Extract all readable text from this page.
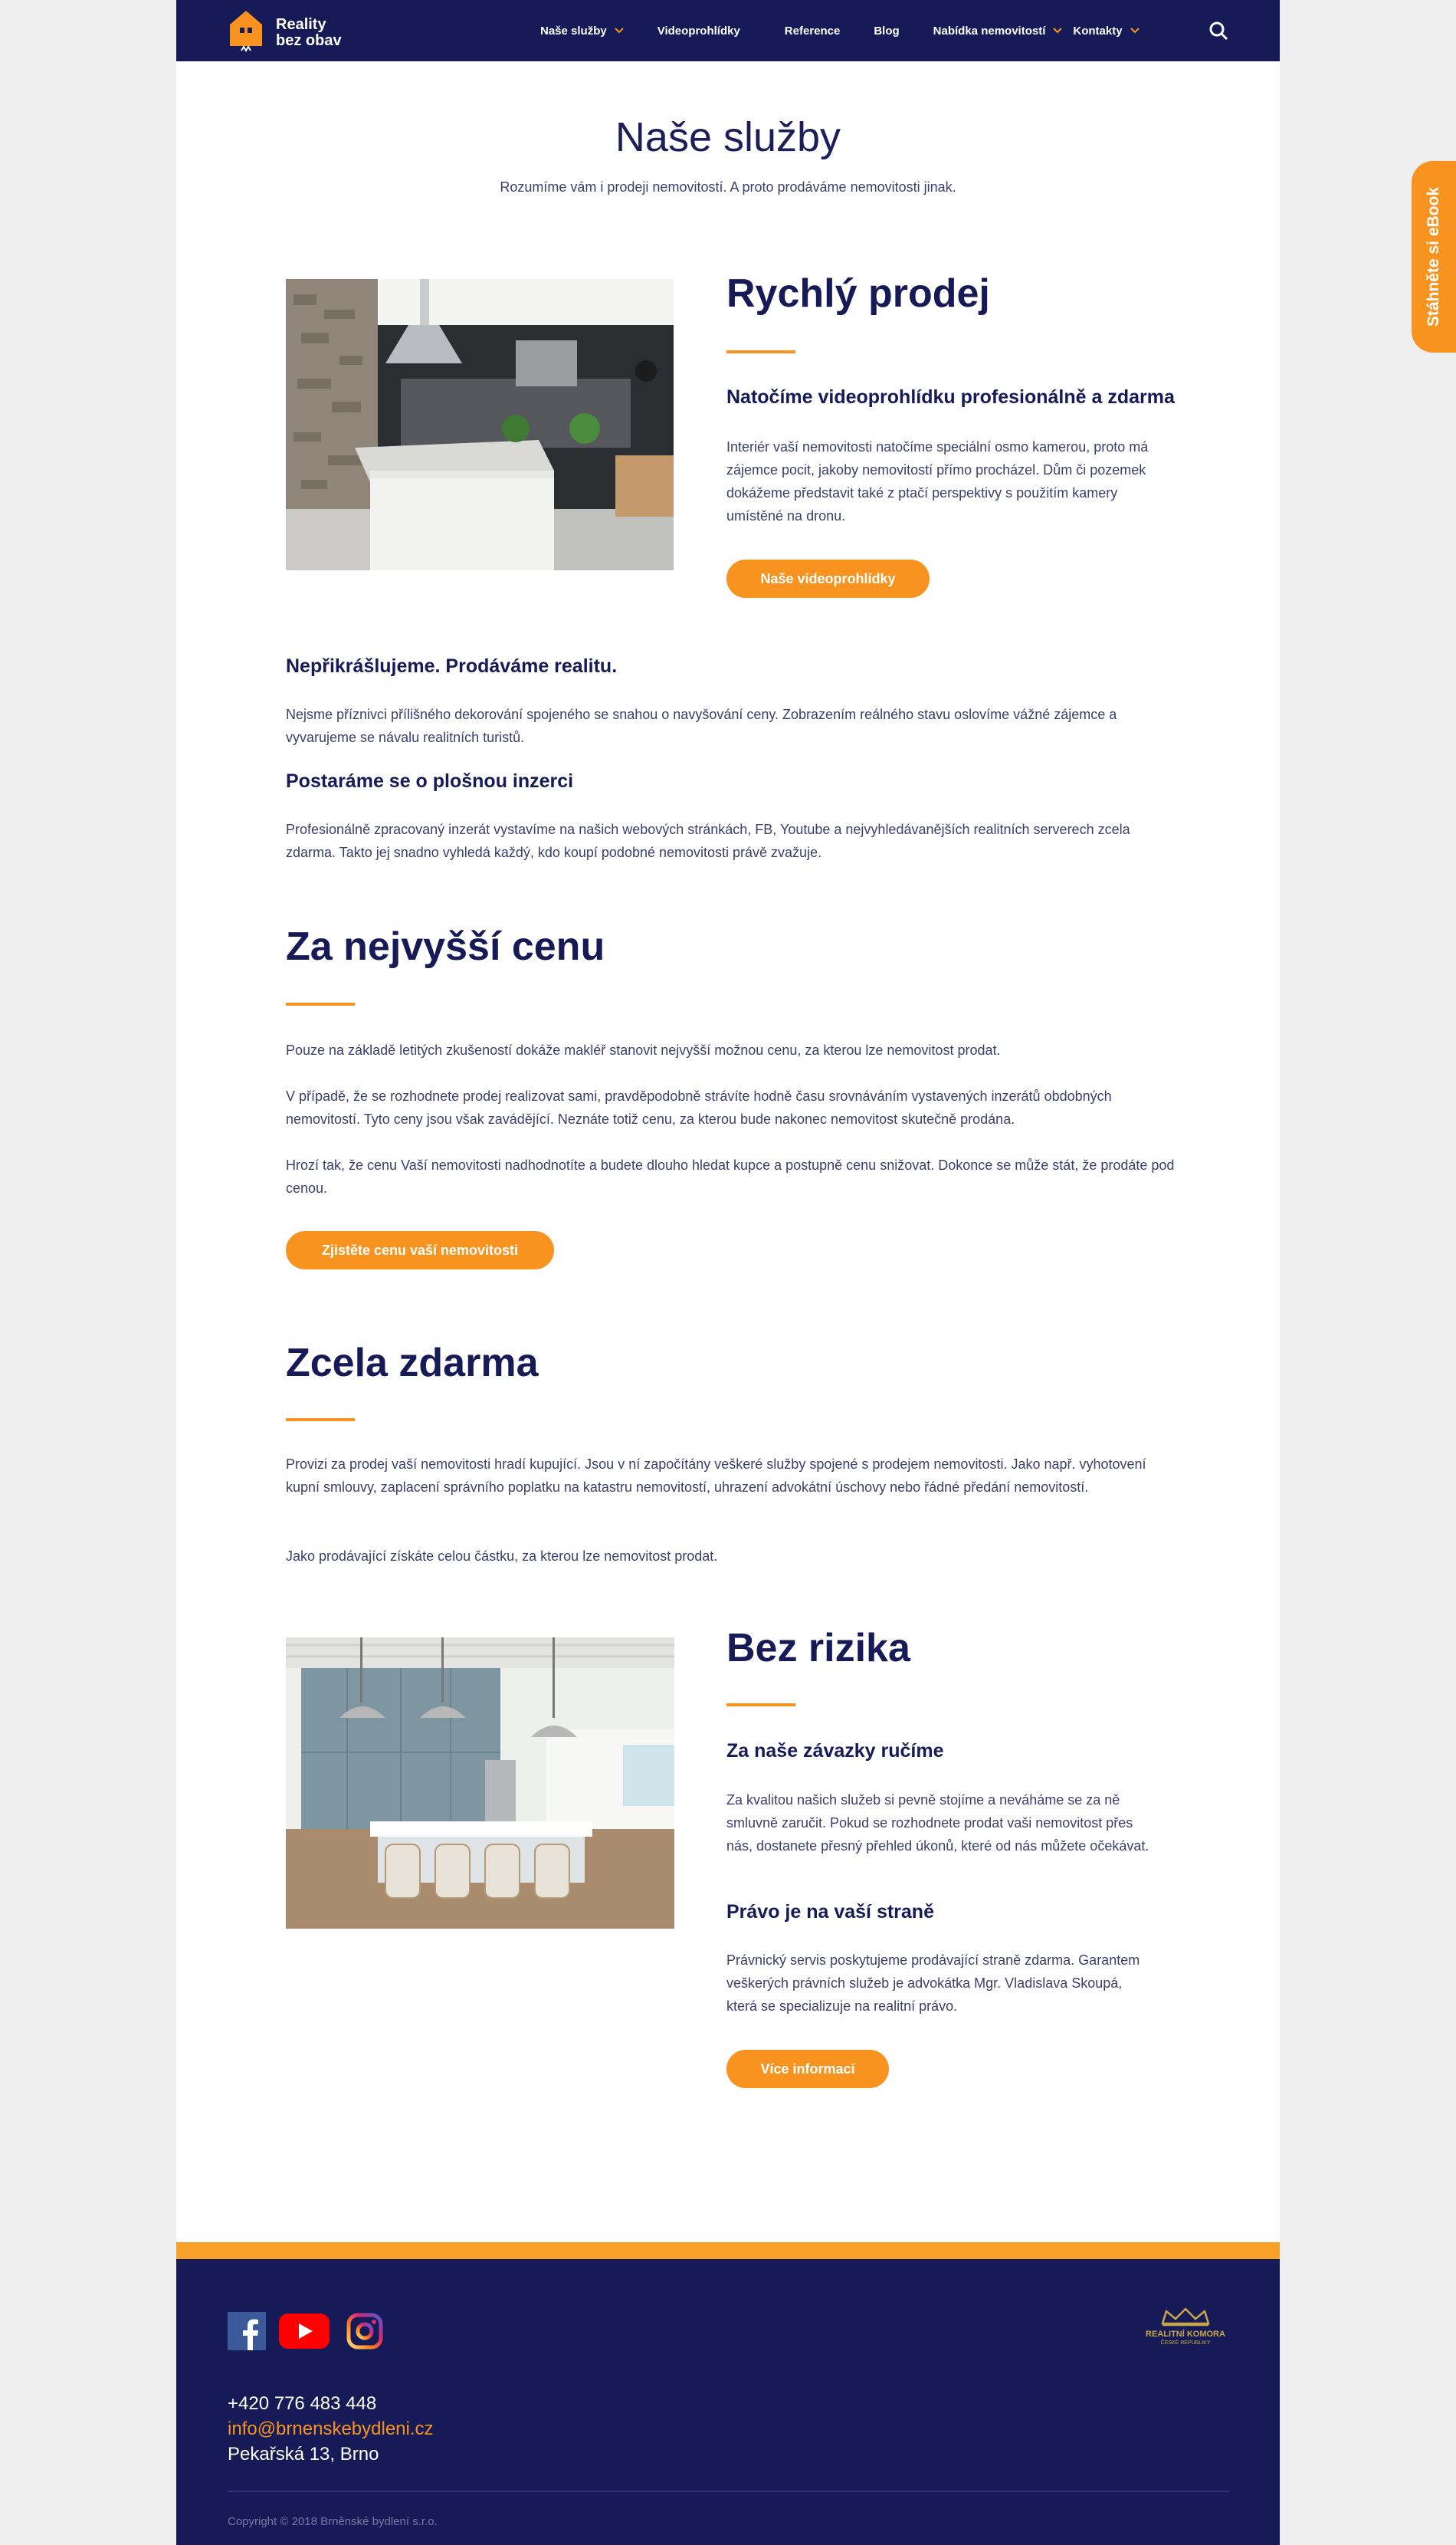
Reality
bez obav
Naše služby	Videoprohlídky	Reference	Blog	Nabídka nemovitostí Kontakty
Naše služby
Rozumíme vám i prodeji nemovitostí. A proto prodáváme nemovitosti jinak.
Rychlý prodej
Natočíme videoprohlídku profesionálně a zdarma
Interiér vaší nemovitosti natočíme speciální osmo kamerou, proto má zájemce pocit, jakoby nemovitostí přímo procházel. Dům či pozemek dokážeme představit také z ptačí perspektivy s použitím kamery umístěné na dronu.
Naše videoprohlídky
Nepřikrášlujeme. Prodáváme realitu.
Nejsme příznivci přílišného dekorování spojeného se snahou o navyšování ceny. Zobrazením reálného stavu oslovíme vážné zájemce a vyvarujeme se návalu realitních turistů.
Postaráme se o plošnou inzerci
Profesionálně zpracovaný inzerát vystavíme na našich webových stránkách, FB, Youtube a nejvyhledávanějších realitních serverech zcela zdarma. Takto jej snadno vyhledá každý, kdo koupí podobné nemovitosti právě zvažuje.
Za nejvyšší cenu
Pouze na základě letitých zkušeností dokáže makléř stanovit nejvyšší možnou cenu, za kterou lze nemovitost prodat.
V případě, že se rozhodnete prodej realizovat sami, pravděpodobně strávíte hodně času srovnáváním vystavených inzerátů obdobných nemovitostí. Tyto ceny jsou však zavádějící. Neznáte totiž cenu, za kterou bude nakonec nemovitost skutečně prodána.
Hrozí tak, že cenu Vaší nemovitosti nadhodnotíte a budete dlouho hledat kupce a postupně cenu snižovat. Dokonce se může stát, že prodáte pod cenou.
Zjistěte cenu vaší nemovitosti
Zcela zdarma
Provizi za prodej vaší nemovitosti hradí kupující. Jsou v ní započítány veškeré služby spojené s prodejem nemovitosti. Jako např. vyhotovení kupní smlouvy, zaplacení správního poplatku na katastru nemovitostí, uhrazení advokátní úschovy nebo řádné předání nemovitostí.
Jako prodávající získáte celou částku, za kterou lze nemovitost prodat.
Bez rizika
Za naše závazky ručíme
Za kvalitou našich služeb si pevně stojíme a neváháme se za ně smluvně zaručit. Pokud se rozhodnete prodat vaši nemovitost přes nás, dostanete přesný přehled úkonů, které od nás můžete očekávat.
Právo je na vaší straně
Právnický servis poskytujeme prodávající straně zdarma. Garantem veškerých právních služeb je advokátka Mgr. Vladislava Skoupá, která se specializuje na realitní právo.
Více informací
REALITNÍ KOMORA
ČESKÉ REPUBLIKY
+420 776 483 448
info@brnenskebydleni.cz
Pekařská 13, Brno
Copyright © 2018 Brněnské bydlení s.r.o.
Stáhněte si eBook
